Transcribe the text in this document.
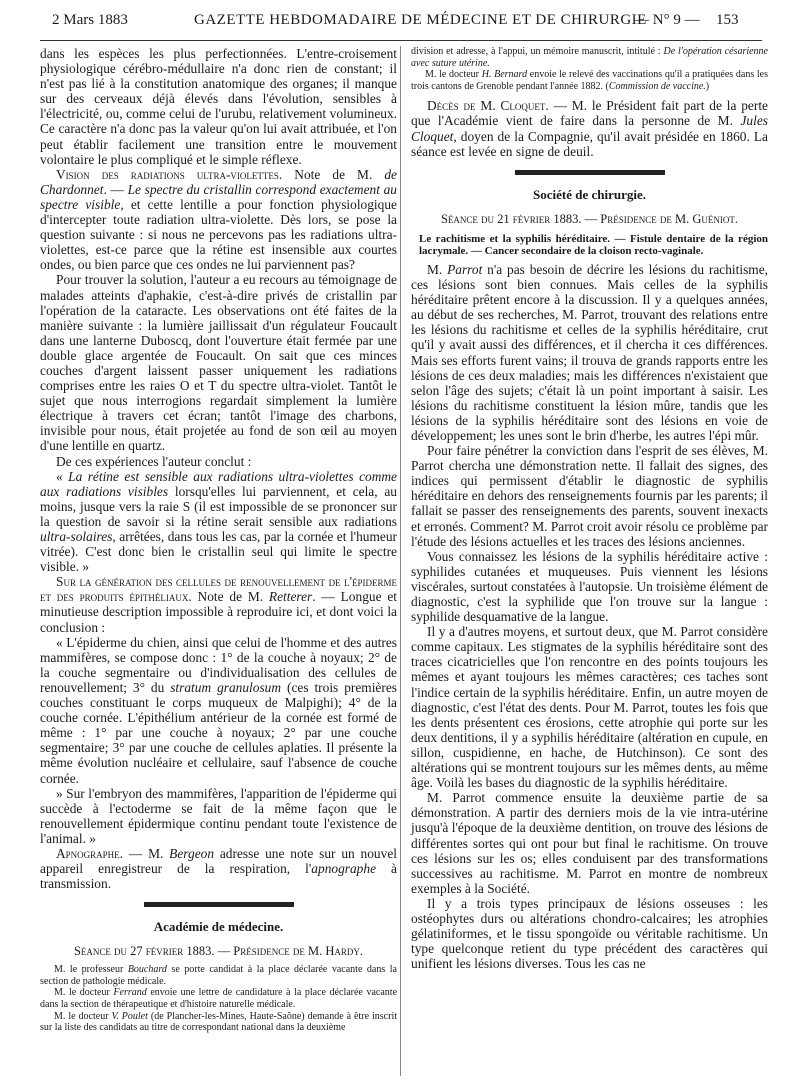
2 Mars 1883	GAZETTE HEBDOMADAIRE DE MÉDECINE ET DE CHIRURGIE
— N° 9 — 153

dans les espèces les plus perfectionnées. L'entre-croisement physiologique cérébro-médullaire n'a donc rien de constant; il n'est pas lié à la constitution anatomique des organes; il manque sur des cerveaux déjà élevés dans l'évolution, sensibles à l'électricité, ou, comme celui de l'urubu, relativement volumineux. Ce caractère n'a donc pas la valeur qu'on lui avait attribuée, et l'on peut établir facilement une transition entre le mouvement volontaire le plus compliqué et le simple réflexe.

Vision des radiations ultra-violettes. Note de M. de Chardonnet. — Le spectre du cristallin correspond exactement au spectre visible, et cette lentille a pour fonction physiologique d'intercepter toute radiation ultra-violette. Dès lors, se pose la question suivante : si nous ne percevons pas les radiations ultra-violettes, est-ce parce que la rétine est insensible aux courtes ondes, ou bien parce que ces ondes ne lui parviennent pas?

Pour trouver la solution, l'auteur a eu recours au témoignage de malades atteints d'aphakie, c'est-à-dire privés de cristallin par l'opération de la cataracte. Les observations ont été faites de la manière suivante : la lumière jaillissait d'un régulateur Foucault dans une lanterne Duboscq, dont l'ouverture était fermée par une double glace argentée de Foucault. On sait que ces minces couches d'argent laissent passer uniquement les radiations comprises entre les raies O et T du spectre ultra-violet. Tantôt le sujet que nous interrogions regardait simplement la lumière électrique à travers cet écran; tantôt l'image des charbons, invisible pour nous, était projetée au fond de son œil au moyen d'une lentille en quartz.

De ces expériences l'auteur conclut :

« La rétine est sensible aux radiations ultra-violettes comme aux radiations visibles lorsqu'elles lui parviennent, et cela, au moins, jusque vers la raie S (il est impossible de se prononcer sur la question de savoir si la rétine serait sensible aux radiations ultra-solaires, arrêtées, dans tous les cas, par la cornée et l'humeur vitrée). C'est donc bien le cristallin seul qui limite le spectre visible. »

Sur la génération des cellules de renouvellement de l'épiderme et des produits épithéliaux. Note de M. Retterer. — Longue et minutieuse description impossible à reproduire ici, et dont voici la conclusion :

« L'épiderme du chien, ainsi que celui de l'homme et des autres mammifères, se compose donc : 1° de la couche à noyaux; 2° de la couche segmentaire ou d'individualisation des cellules de renouvellement; 3° du stratum granulosum (ces trois premières couches constituant le corps muqueux de Malpighi); 4° de la couche cornée. L'épithélium antérieur de la cornée est formé de même : 1° par une couche à noyaux; 2° par une couche segmentaire; 3° par une couche de cellules aplaties. Il présente la même évolution nucléaire et cellulaire, sauf l'absence de couche cornée.

» Sur l'embryon des mammifères, l'apparition de l'épiderme qui succède à l'ectoderme se fait de la même façon que le renouvellement épidermique continu pendant toute l'existence de l'animal. »

Apnographe. — M. Bergeon adresse une note sur un nouvel appareil enregistreur de la respiration, l'apnographe à transmission.

Académie de médecine.
Séance du 27 février 1883. — Présidence de M. Hardy.

M. le professeur Bouchard se porte candidat à la place déclarée vacante dans la section de pathologie médicale.

M. le docteur Ferrand envoie une lettre de candidature à la place déclarée vacante dans la section de thérapeutique et d'histoire naturelle médicale.

M. le docteur V. Poulet (de Plancher-les-Mines, Haute-Saône) demande à être inscrit sur la liste des candidats au titre de correspondant national dans la deuxième

division et adresse, à l'appui, un mémoire manuscrit, intitulé : De l'opération césarienne avec suture utérine.

M. le docteur H. Bernard envoie le relevé des vaccinations qu'il a pratiquées dans les trois cantons de Grenoble pendant l'année 1882. (Commission de vaccine.)

Décès de M. Cloquet. — M. le Président fait part de la perte que l'Académie vient de faire dans la personne de M. Jules Cloquet, doyen de la Compagnie, qu'il avait présidée en 1860. La séance est levée en signe de deuil.

Société de chirurgie.
Séance du 21 février 1883. — Présidence de M. Guéniot.
Le rachitisme et la syphilis héréditaire. — Fistule dentaire de la région lacrymale. — Cancer secondaire de la cloison recto-vaginale.

M. Parrot n'a pas besoin de décrire les lésions du rachitisme, ces lésions sont bien connues. Mais celles de la syphilis héréditaire prêtent encore à la discussion. Il y a quelques années, au début de ses recherches, M. Parrot, trouvant des relations entre les lésions du rachitisme et celles de la syphilis héréditaire, crut qu'il y avait aussi des différences, et il chercha it ces différences. Mais ses efforts furent vains; il trouva de grands rapports entre les lésions de ces deux maladies; mais les différences n'existaient que selon l'âge des sujets; c'était là un point important à saisir. Les lésions du rachitisme constituent la lésion mûre, tandis que les lésions de la syphilis héréditaire sont des lésions en voie de développement; les unes sont le brin d'herbe, les autres l'épi mûr.

Pour faire pénétrer la conviction dans l'esprit de ses élèves, M. Parrot chercha une démonstration nette. Il fallait des signes, des indices qui permissent d'établir le diagnostic de syphilis héréditaire en dehors des renseignements fournis par les parents; il fallait se passer des renseignements des parents, souvent inexacts et erronés. Comment? M. Parrot croit avoir résolu ce problème par l'étude des lésions actuelles et les traces des lésions anciennes.

Vous connaissez les lésions de la syphilis héréditaire active : syphilides cutanées et muqueuses. Puis viennent les lésions viscérales, surtout constatées à l'autopsie. Un troisième élément de diagnostic, c'est la syphilide que l'on trouve sur la langue : syphilide desquamative de la langue.

Il y a d'autres moyens, et surtout deux, que M. Parrot considère comme capitaux. Les stigmates de la syphilis héréditaire sont des traces cicatricielles que l'on rencontre en des points toujours les mêmes et ayant toujours les mêmes caractères; ces taches sont l'indice certain de la syphilis héréditaire. Enfin, un autre moyen de diagnostic, c'est l'état des dents. Pour M. Parrot, toutes les fois que les dents présentent ces érosions, cette atrophie qui porte sur les deux dentitions, il y a syphilis héréditaire (altération en cupule, en sillon, cuspidienne, en hache, de Hutchinson). Ce sont des altérations qui se montrent toujours sur les mêmes dents, au même âge. Voilà les bases du diagnostic de la syphilis héréditaire.

M. Parrot commence ensuite la deuxième partie de sa démonstration. A partir des derniers mois de la vie intra-utérine jusqu'à l'époque de la deuxième dentition, on trouve des lésions de différentes sortes qui ont pour but final le rachitisme. On trouve ces lésions sur les os; elles conduisent par des transformations successives au rachitisme. M. Parrot en montre de nombreux exemples à la Société.

Il y a trois types principaux de lésions osseuses : les ostéophytes durs ou altérations chondro-calcaires; les atrophies gélatiniformes, et le tissu spongoïde ou véritable rachitisme. Un type quelconque retient du type précédent des caractères qui unifient les lésions diverses. Tous les cas ne
